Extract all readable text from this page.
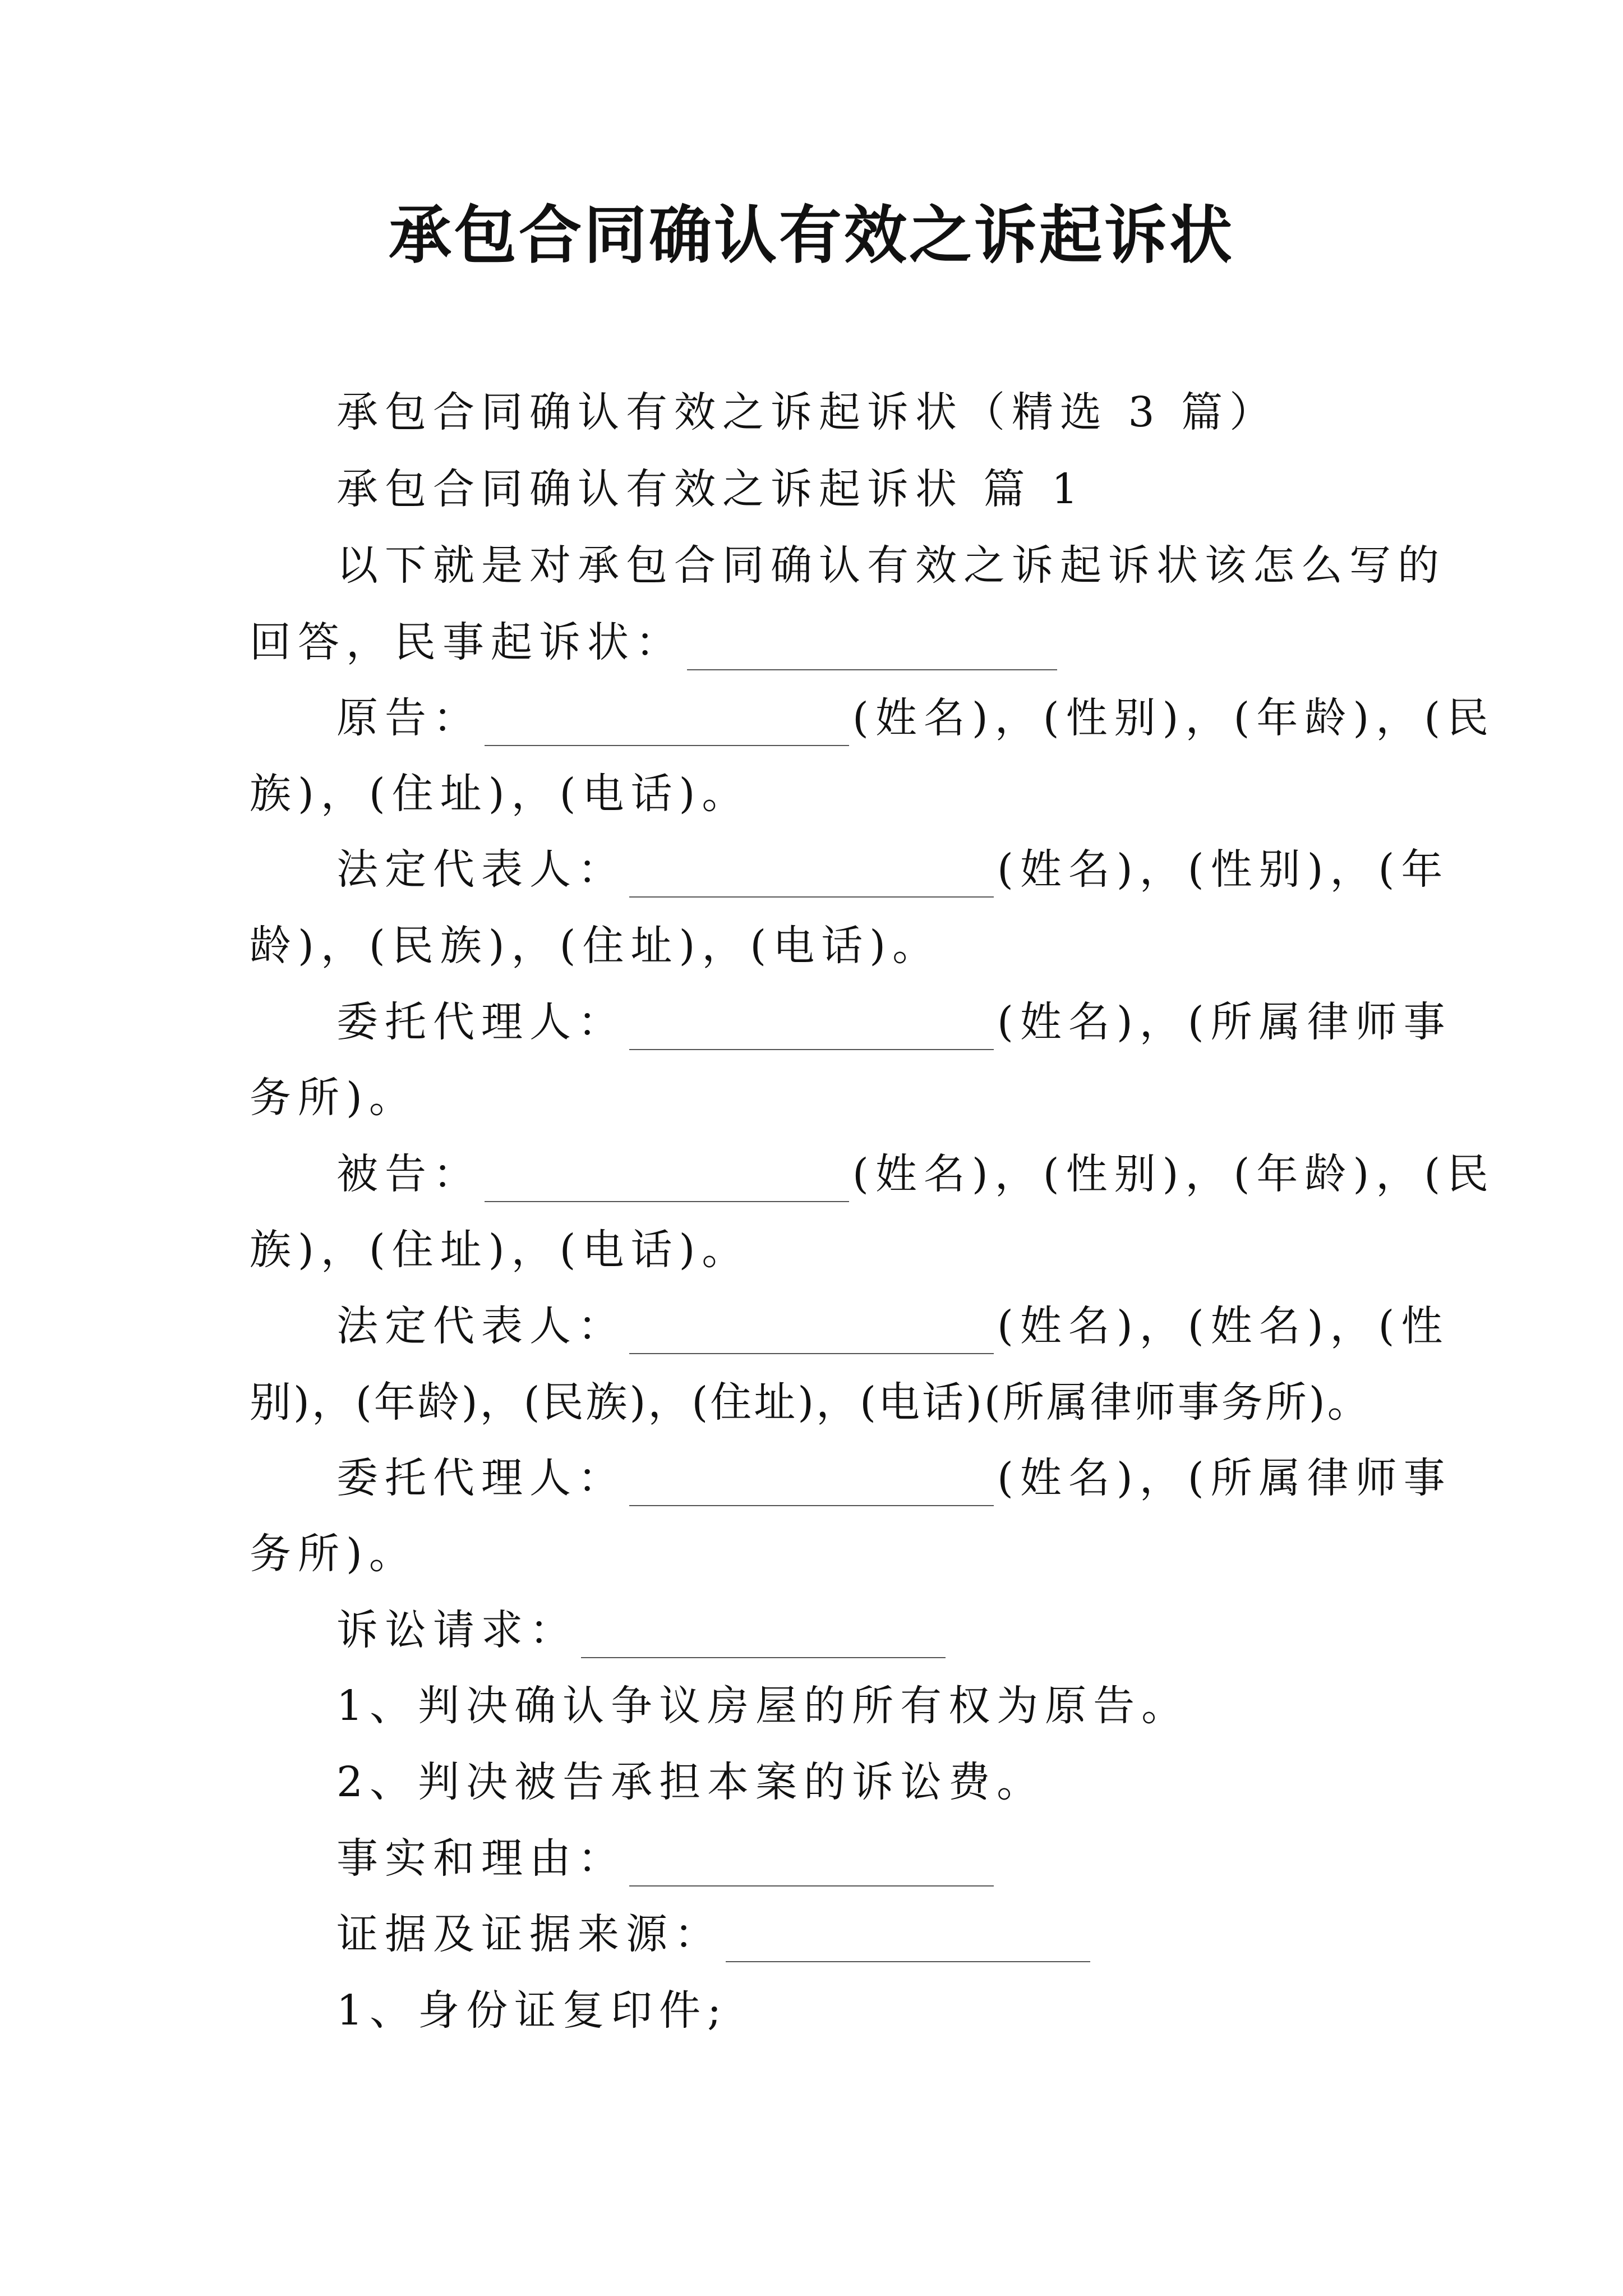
承包合同确认有效之诉起诉状
承包合同确认有效之诉起诉状（精选 3 篇）
承包合同确认有效之诉起诉状 篇 1
以下就是对承包合同确认有效之诉起诉状该怎么写的
回答，民事起诉状：
原告：	(姓名)，(性别)，(年龄)，(民
族)，(住址)，(电话)。
法定代表人：	(姓名)，(性别)，(年
龄)，(民族)，(住址)，(电话)。
委托代理人：	(姓名)，(所属律师事
务所)。
被告：	(姓名)，(性别)，(年龄)，(民
族)，(住址)，(电话)。
法定代表人：	(姓名)，(姓名)，(性
别)，(年龄)，(民族)，(住址)，(电话)(所属律师事务所)。
委托代理人：	(姓名)，(所属律师事
务所)。
诉讼请求：
1、判决确认争议房屋的所有权为原告。
2、判决被告承担本案的诉讼费。
事实和理由：
证据及证据来源：
1、身份证复印件;
